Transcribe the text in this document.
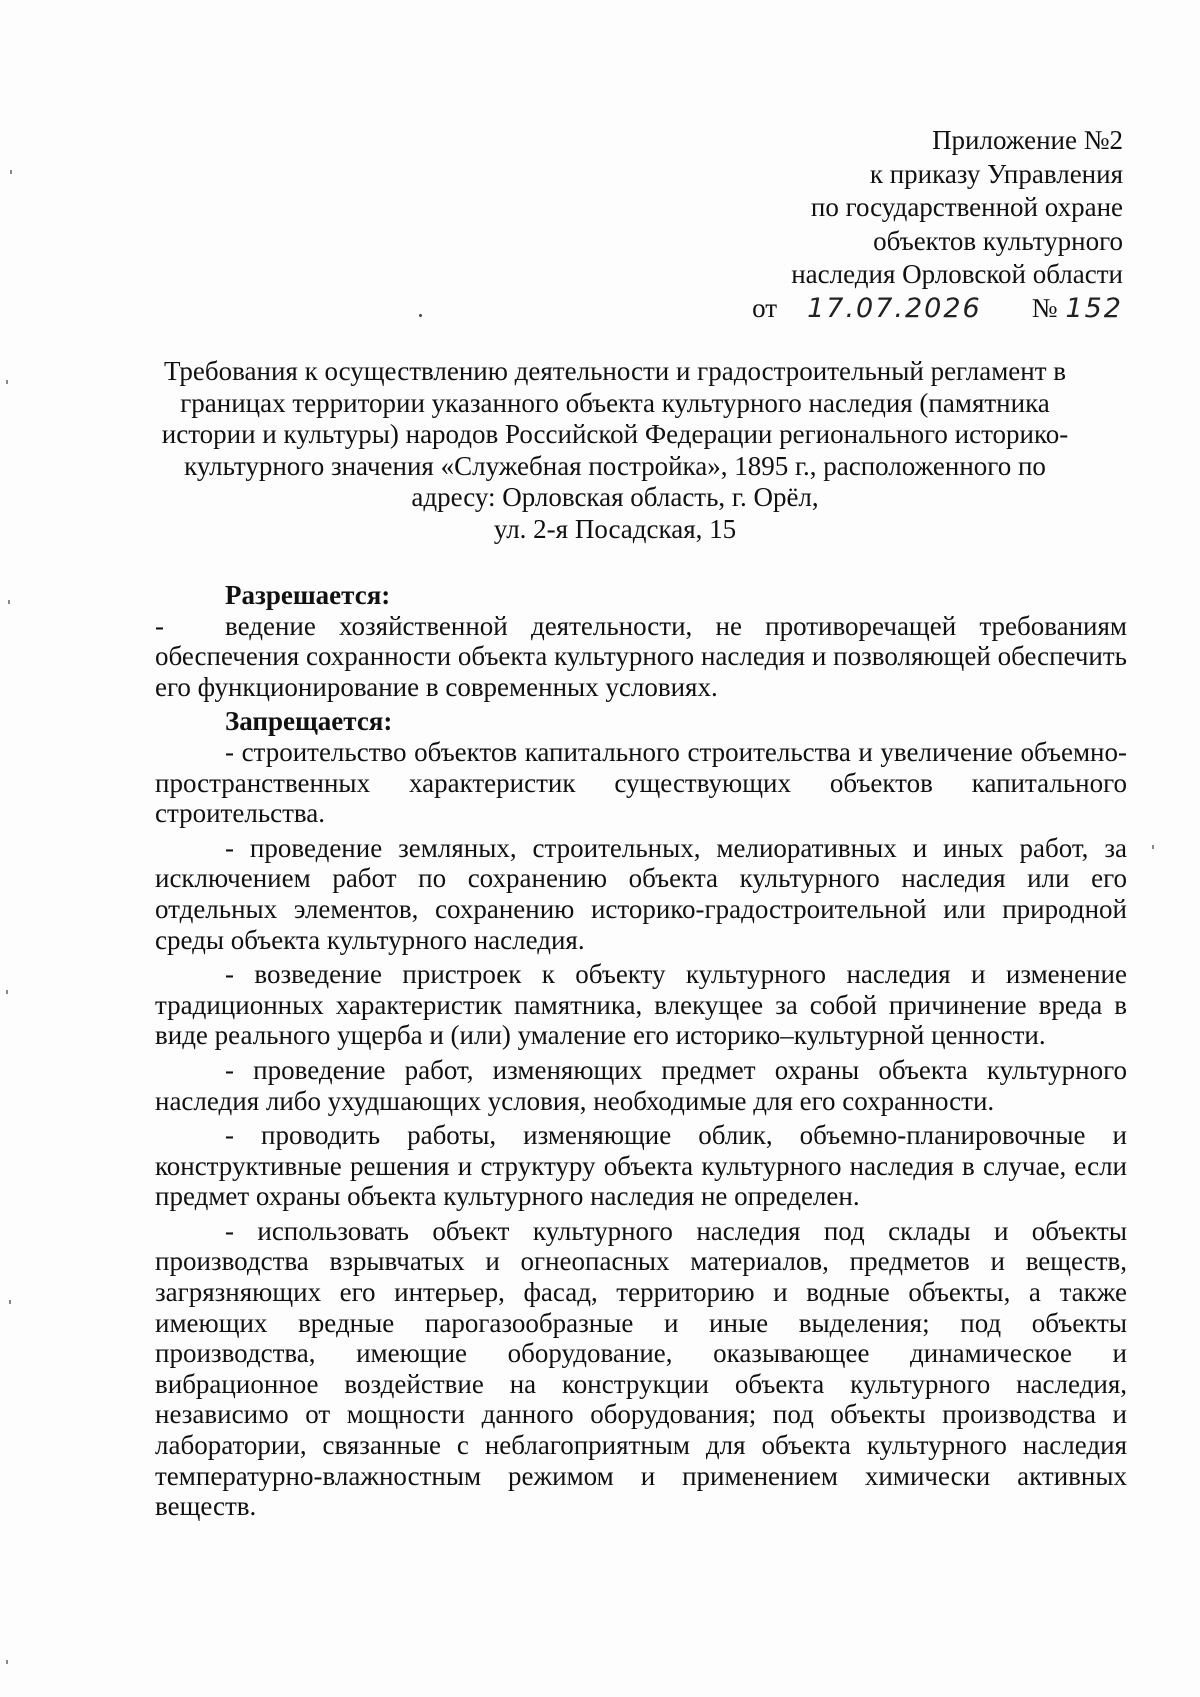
Приложение №2
к приказу Управления
по государственной охране
объектов культурного
наследия Орловской области
от 17.07.2026 № 152
Требования к осуществлению деятельности и градостроительный регламент в
границах территории указанного объекта культурного наследия (памятника
истории и культуры) народов Российской Федерации регионального историко-
культурного значения «Служебная постройка», 1895 г., расположенного по
адресу: Орловская область, г. Орёл,
ул. 2-я Посадская, 15

Разрешается:

- ведение хозяйственной деятельности, не противоречащей требованиям обеспечения сохранности объекта культурного наследия и позволяющей обеспечить его функционирование в современных условиях.

Запрещается:

- строительство объектов капитального строительства и увеличение объемно-пространственных характеристик существующих объектов капитального строительства.

- проведение земляных, строительных, мелиоративных и иных работ, за исключением работ по сохранению объекта культурного наследия или его отдельных элементов, сохранению историко-градостроительной или природной среды объекта культурного наследия.

- возведение пристроек к объекту культурного наследия и изменение традиционных характеристик памятника, влекущее за собой причинение вреда в виде реального ущерба и (или) умаление его историко–культурной ценности.

- проведение работ, изменяющих предмет охраны объекта культурного наследия либо ухудшающих условия, необходимые для его сохранности.

- проводить работы, изменяющие облик, объемно-планировочные и конструктивные решения и структуру объекта культурного наследия в случае, если предмет охраны объекта культурного наследия не определен.

- использовать объект культурного наследия под склады и объекты производства взрывчатых и огнеопасных материалов, предметов и веществ, загрязняющих его интерьер, фасад, территорию и водные объекты, а также имеющих вредные парогазообразные и иные выделения; под объекты производства, имеющие оборудование, оказывающее динамическое и вибрационное воздействие на конструкции объекта культурного наследия, независимо от мощности данного оборудования; под объекты производства и лаборатории, связанные с неблагоприятным для объекта культурного наследия температурно-влажностным режимом и применением химически активных веществ.
